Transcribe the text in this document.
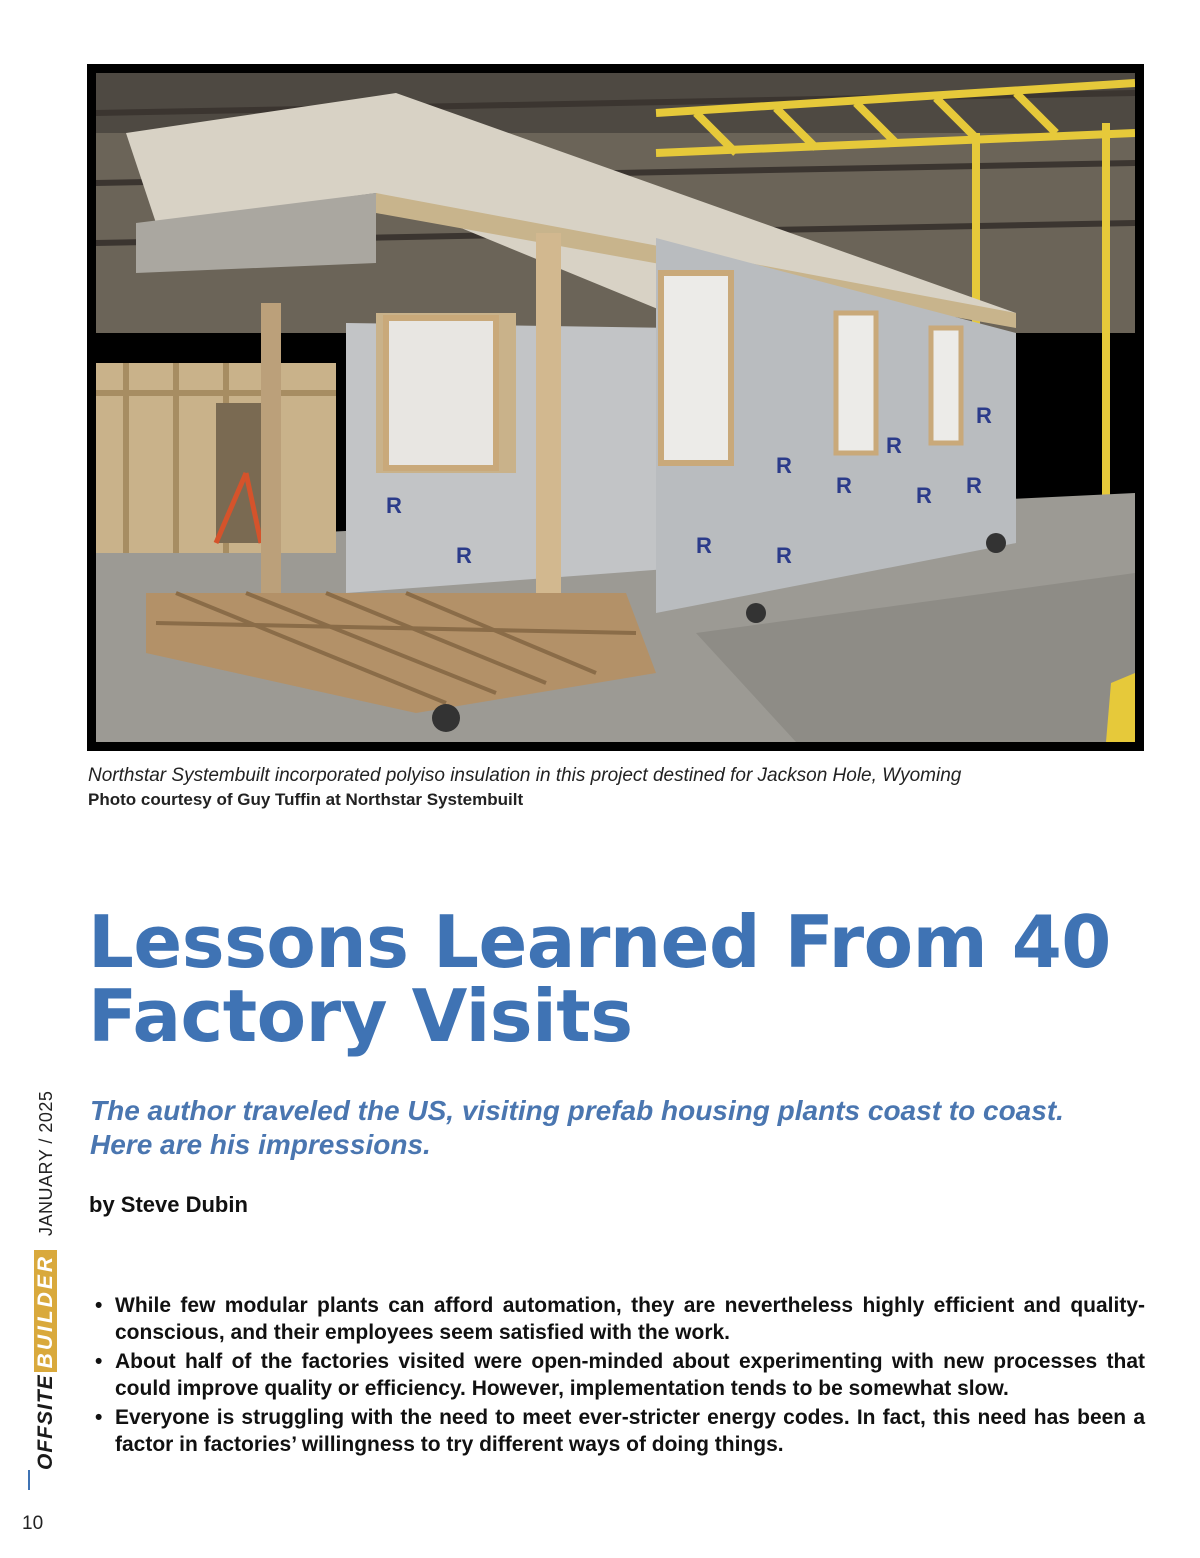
R
R	R
R
R
R
R
R R
R
Northstar Systembuilt incorporated polyiso insulation in this project destined for Jackson Hole, Wyoming
Photo courtesy of Guy Tuffin at Northstar Systembuilt
Lessons Learned From 40
Factory Visits
The author traveled the US, visiting prefab housing plants coast to coast.
Here are his impressions.
by Steve Dubin
• While few modular plants can afford automation, they are nevertheless highly efficient and quality-conscious, and their employees seem satisfied with the work.
• About half of the factories visited were open-minded about experimenting with new processes that could improve quality or efficiency. However, implementation tends to be somewhat slow.
• Everyone is struggling with the need to meet ever-stricter energy codes. In fact, this need has been a factor in factories’ willingness to try different ways of doing things.
OFFSITEBUILDERJANUARY / 2025
10
